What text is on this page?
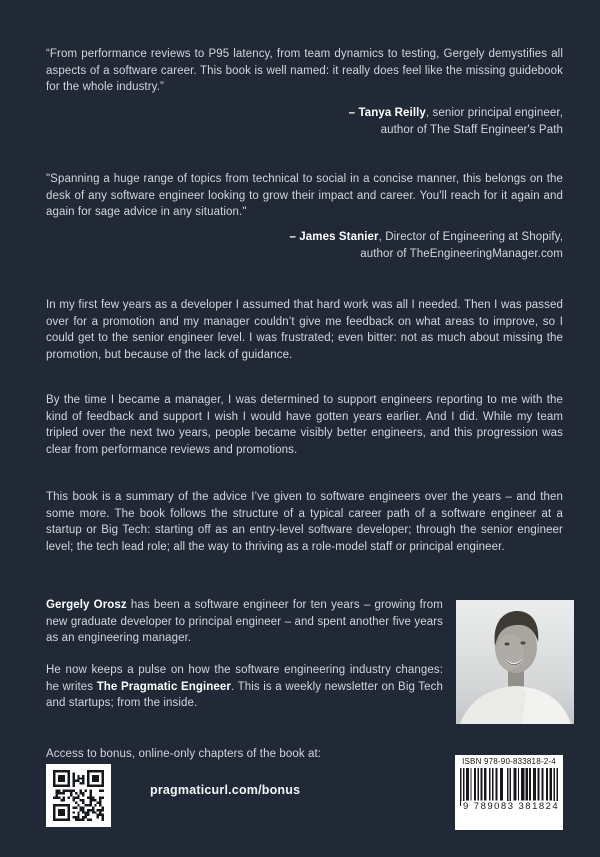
“From performance reviews to P95 latency, from team dynamics to testing, Gergely demystifies all aspects of a software career. This book is well named: it really does feel like the missing guidebook for the whole industry.”

– Tanya Reilly, senior principal engineer,
author of The Staff Engineer's Path

"Spanning a huge range of topics from technical to social in a concise manner, this belongs on the desk of any software engineer looking to grow their impact and career. You'll reach for it again and again for sage advice in any situation."

– James Stanier, Director of Engineering at Shopify,
author of TheEngineeringManager.com

In my first few years as a developer I assumed that hard work was all I needed. Then I was passed over for a promotion and my manager couldn’t give me feedback on what areas to improve, so I could get to the senior engineer level. I was frustrated; even bitter: not as much about missing the promotion, but because of the lack of guidance.

By the time I became a manager, I was determined to support engineers reporting to me with the kind of feedback and support I wish I would have gotten years earlier. And I did. While my team tripled over the next two years, people became visibly better engineers, and this progression was clear from performance reviews and promotions.

This book is a summary of the advice I’ve given to software engineers over the years – and then some more. The book follows the structure of a typical career path of a software engineer at a startup or Big Tech: starting off as an entry-level software developer; through the senior engineer level; the tech lead role; all the way to thriving as a role-model staff or principal engineer.

Gergely Orosz has been a software engineer for ten years – growing from new graduate developer to principal engineer – and spent another five years as an engineering manager.

He now keeps a pulse on how the software engineering industry changes: he writes The Pragmatic Engineer. This is a weekly newsletter on Big Tech and startups; from the inside.

Access to bonus, online-only chapters of the book at:

pragmaticurl.com/bonus
ISBN 978-90-833818-2-4
9 789083 381824
